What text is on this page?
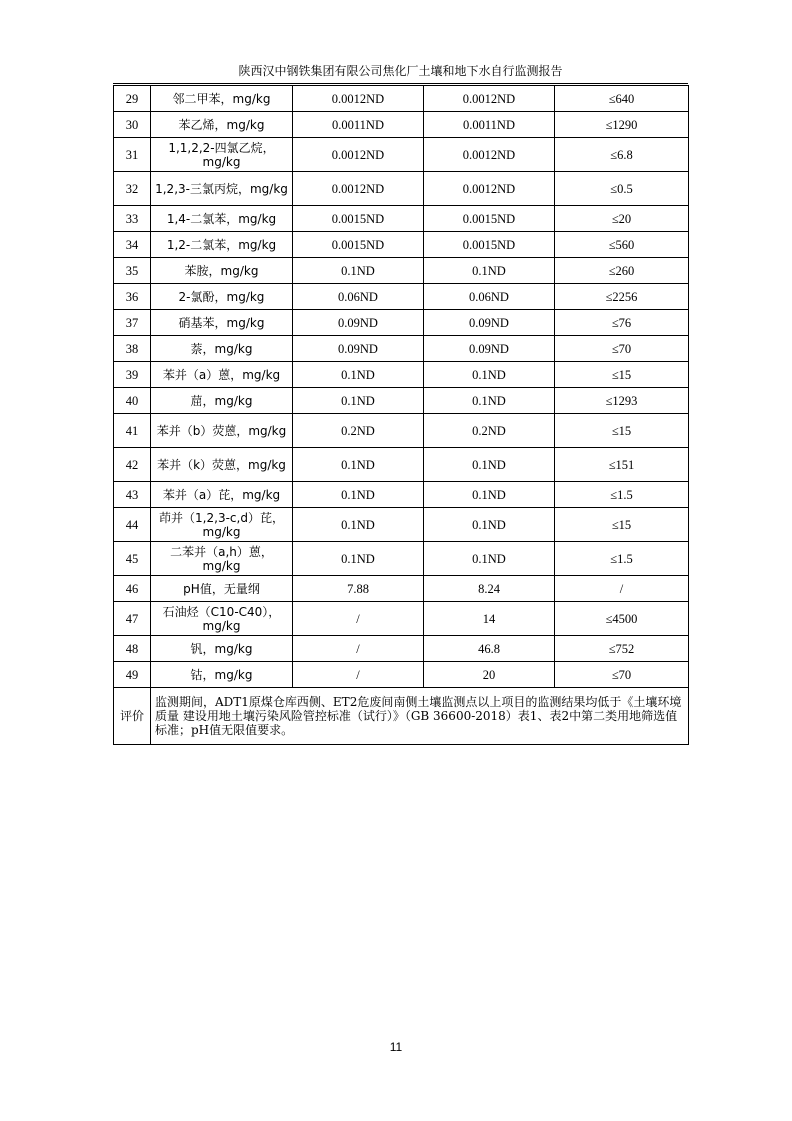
陕西汉中钢铁集团有限公司焦化厂土壤和地下水自行监测报告
29	邻二甲苯，mg/kg	0.0012ND	0.0012ND	≤640
30	苯乙烯，mg/kg	0.0011ND	0.0011ND	≤1290
31	1,1,2,2-四氯乙烷，mg/kg	0.0012ND	0.0012ND	≤6.8
32	1,2,3-三氯丙烷，mg/kg	0.0012ND	0.0012ND	≤0.5
33	1,4-二氯苯，mg/kg	0.0015ND	0.0015ND	≤20
34	1,2-二氯苯，mg/kg	0.0015ND	0.0015ND	≤560
35	苯胺，mg/kg	0.1ND	0.1ND	≤260
36	2-氯酚，mg/kg	0.06ND	0.06ND	≤2256
37	硝基苯，mg/kg	0.09ND	0.09ND	≤76
38	萘，mg/kg	0.09ND	0.09ND	≤70
39	苯并（a）蒽，mg/kg	0.1ND	0.1ND	≤15
40	䓛，mg/kg	0.1ND	0.1ND	≤1293
41	苯并（b）荧蒽，mg/kg	0.2ND	0.2ND	≤15
42	苯并（k）荧蒽，mg/kg	0.1ND	0.1ND	≤151
43	苯并（a）芘，mg/kg	0.1ND	0.1ND	≤1.5
44	茚并（1,2,3-c,d）芘，mg/kg	0.1ND	0.1ND	≤15
45	二苯并（a,h）蒽，mg/kg	0.1ND	0.1ND	≤1.5
46	pH值，无量纲	7.88	8.24	/
47	石油烃（C10-C40），mg/kg	/	14	≤4500
48	钒，mg/kg	/	46.8	≤752
49	钴，mg/kg	/	20	≤70
评价	监测期间，ADT1原煤仓库西侧、ET2危废间南侧土壤监测点以上项目的监测结果均低于《土壤环境质量 建设用地土壤污染风险管控标准（试行）》（GB 36600-2018）表1、表2中第二类用地筛选值标准；pH值无限值要求。			
11
